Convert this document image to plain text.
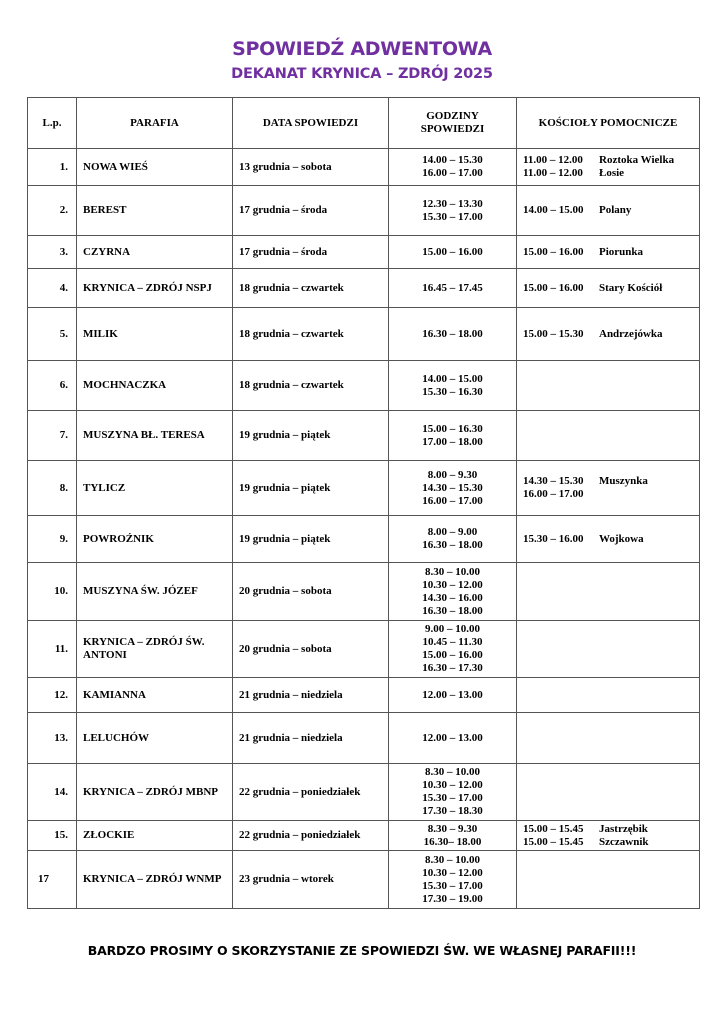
SPOWIEDŹ ADWENTOWA
DEKANAT KRYNICA – ZDRÓJ 2025
L.p.	PARAFIA	DATA SPOWIEDZI	GODZINY SPOWIEDZI	KOŚCIOŁY POMOCNICZE
1.	NOWA WIEŚ	13 grudnia – sobota	14.00 – 15.30
16.00 – 17.00	11.00 – 12.00 Roztoka Wielka
11.00 – 12.00 Łosie

2.	BEREST	17 grudnia – środa	12.30 – 13.30
15.30 – 17.00	14.00 – 15.00 Polany

3.	CZYRNA	17 grudnia – środa	15.00 – 16.00	15.00 – 16.00 Piorunka

4.	KRYNICA – ZDRÓJ NSPJ	18 grudnia – czwartek	16.45 – 17.45	15.00 – 16.00 Stary Kościół

5.	MILIK	18 grudnia – czwartek	16.30 – 18.00	15.00 – 15.30 Andrzejówka

6.	MOCHNACZKA	18 grudnia – czwartek	14.00 – 15.00
15.30 – 16.30	

7.	MUSZYNA BŁ. TERESA	19 grudnia – piątek	15.00 – 16.30
17.00 – 18.00	

8.	TYLICZ	19 grudnia – piątek	8.00 – 9.30
14.30 – 15.30
16.00 – 17.00	14.30 – 15.30 Muszynka
16.00 – 17.00

9.	POWROŹNIK	19 grudnia – piątek	8.00 – 9.00
16.30 – 18.00	15.30 – 16.00 Wojkowa

10.	MUSZYNA ŚW. JÓZEF	20 grudnia – sobota	8.30 – 10.00
10.30 – 12.00
14.30 – 16.00
16.30 – 18.00	

11.	KRYNICA – ZDRÓJ ŚW. ANTONI	20 grudnia – sobota	9.00 – 10.00
10.45 – 11.30
15.00 – 16.00
16.30 – 17.30	

12.	KAMIANNA	21 grudnia – niedziela	12.00 – 13.00	

13.	LELUCHÓW	21 grudnia – niedziela	12.00 – 13.00	

14.	KRYNICA – ZDRÓJ MBNP	22 grudnia – poniedziałek	8.30 – 10.00
10.30 – 12.00
15.30 – 17.00
17.30 – 18.30	

15.	ZŁOCKIE	22 grudnia – poniedziałek	8.30 – 9.30
16.30– 18.00	15.00 – 15.45 Jastrzębik
15.00 – 15.45 Szczawnik

17	KRYNICA – ZDRÓJ WNMP	23 grudnia – wtorek	8.30 – 10.00
10.30 – 12.00
15.30 – 17.00
17.30 – 19.00	

BARDZO PROSIMY O SKORZYSTANIE ZE SPOWIEDZI ŚW. WE WŁASNEJ PARAFII!!!
